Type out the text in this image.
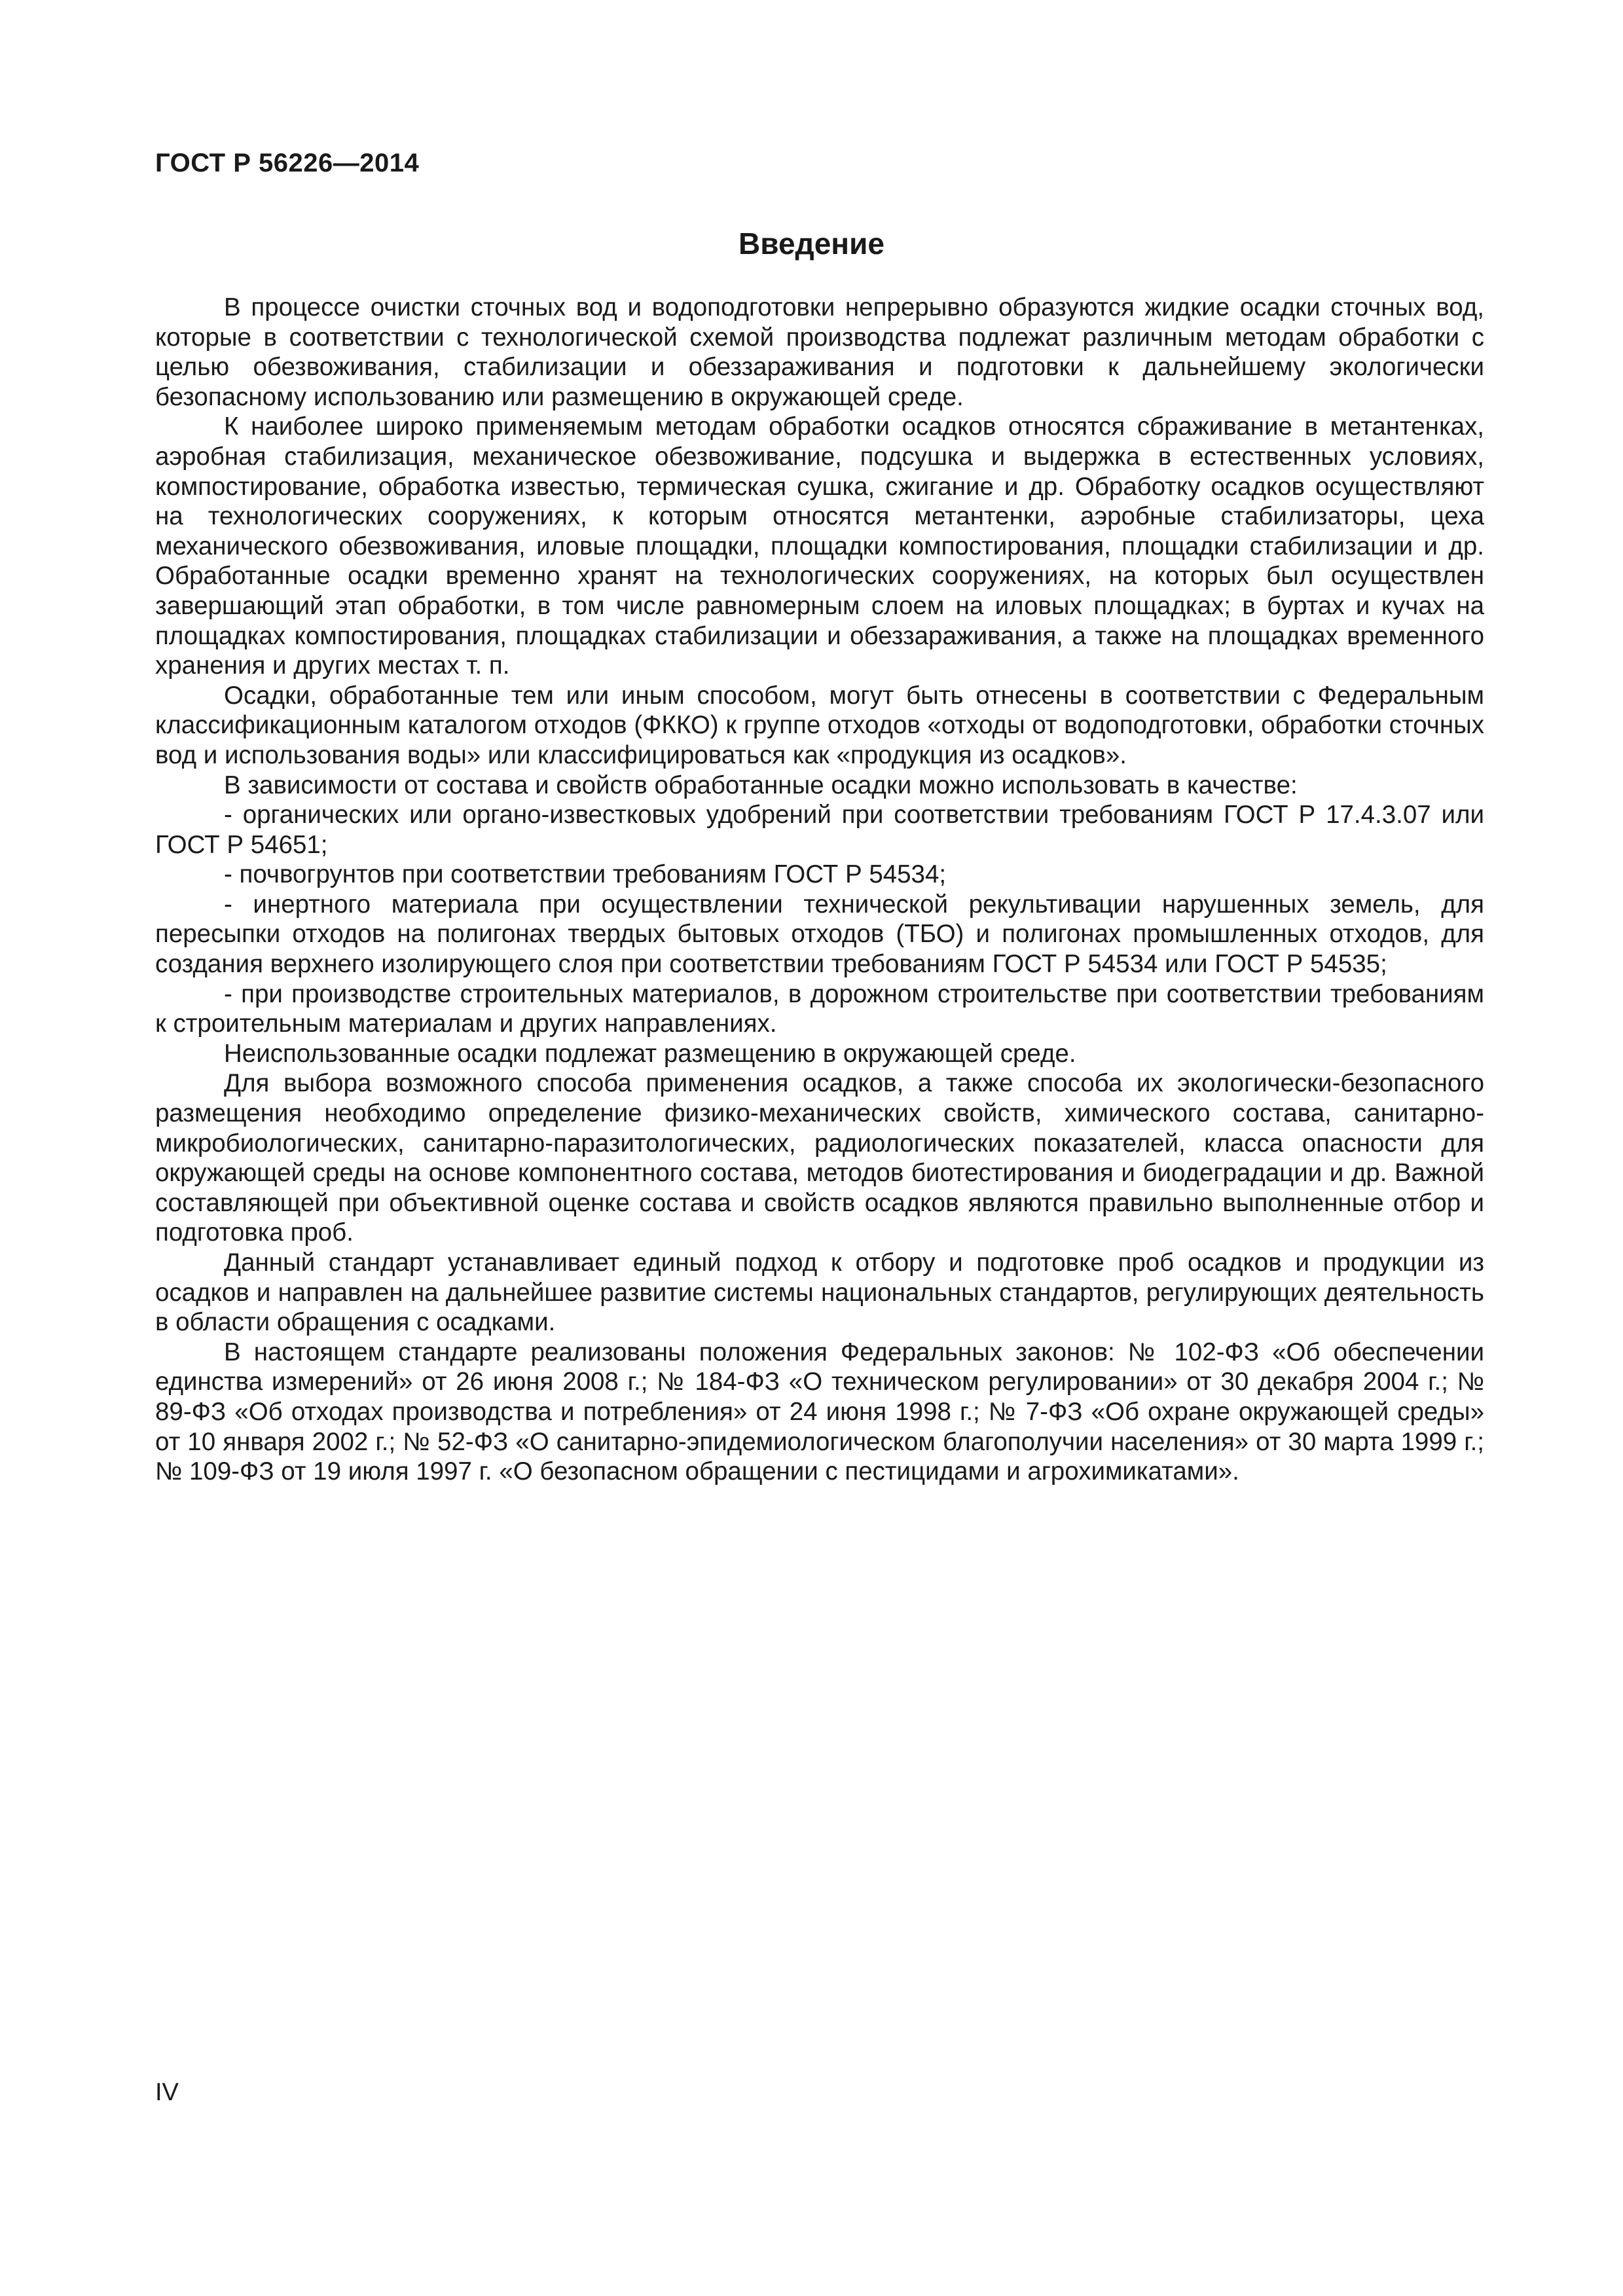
ГОСТ Р 56226—2014
Введение

В процессе очистки сточных вод и водоподготовки непрерывно образуются жидкие осадки сточных вод, которые в соответствии с технологической схемой производства подлежат различным методам обработки с целью обезвоживания, стабилизации и обеззараживания и подготовки к дальнейшему экологически безопасному использованию или размещению в окружающей среде.

К наиболее широко применяемым методам обработки осадков относятся сбраживание в метантенках, аэробная стабилизация, механическое обезвоживание, подсушка и выдержка в естественных условиях, компостирование, обработка известью, термическая сушка, сжигание и др. Обработку осадков осуществляют на технологических сооружениях, к которым относятся метантенки, аэробные стабилизаторы, цеха механического обезвоживания, иловые площадки, площадки компостирования, площадки стабилизации и др. Обработанные осадки временно хранят на технологических сооружениях, на которых был осуществлен завершающий этап обработки, в том числе равномерным слоем на иловых площадках; в буртах и кучах на площадках компостирования, площадках стабилизации и обеззараживания, а также на площадках временного хранения и других местах т. п.

Осадки, обработанные тем или иным способом, могут быть отнесены в соответствии с Федеральным классификационным каталогом отходов (ФККО) к группе отходов «отходы от водоподготовки, обработки сточных вод и использования воды» или классифицироваться как «продукция из осадков».

В зависимости от состава и свойств обработанные осадки можно использовать в качестве:

- органических или органо-известковых удобрений при соответствии требованиям ГОСТ Р 17.4.3.07 или ГОСТ Р 54651;

- почвогрунтов при соответствии требованиям ГОСТ Р 54534;

- инертного материала при осуществлении технической рекультивации нарушенных земель, для пересыпки отходов на полигонах твердых бытовых отходов (ТБО) и полигонах промышленных отходов, для создания верхнего изолирующего слоя при соответствии требованиям ГОСТ Р 54534 или ГОСТ Р 54535;

- при производстве строительных материалов, в дорожном строительстве при соответствии требованиям к строительным материалам и других направлениях.

Неиспользованные осадки подлежат размещению в окружающей среде.

Для выбора возможного способа применения осадков, а также способа их экологически-безопасного размещения необходимо определение физико-механических свойств, химического состава, санитарно-микробиологических, санитарно-паразитологических, радиологических показателей, класса опасности для окружающей среды на основе компонентного состава, методов биотестирования и биодеградации и др. Важной составляющей при объективной оценке состава и свойств осадков являются правильно выполненные отбор и подготовка проб.

Данный стандарт устанавливает единый подход к отбору и подготовке проб осадков и продукции из осадков и направлен на дальнейшее развитие системы национальных стандартов, регулирующих деятельность в области обращения с осадками.

В настоящем стандарте реализованы положения Федеральных законов: № 102-ФЗ «Об обеспечении единства измерений» от 26 июня 2008 г.; № 184-ФЗ «О техническом регулировании» от 30 декабря 2004 г.; № 89-ФЗ «Об отходах производства и потребления» от 24 июня 1998 г.; № 7-ФЗ «Об охране окружающей среды» от 10 января 2002 г.; № 52-ФЗ «О санитарно-эпидемиологическом благополучии населения» от 30 марта 1999 г.; № 109-ФЗ от 19 июля 1997 г. «О безопасном обращении с пестицидами и агрохимикатами».

IV
